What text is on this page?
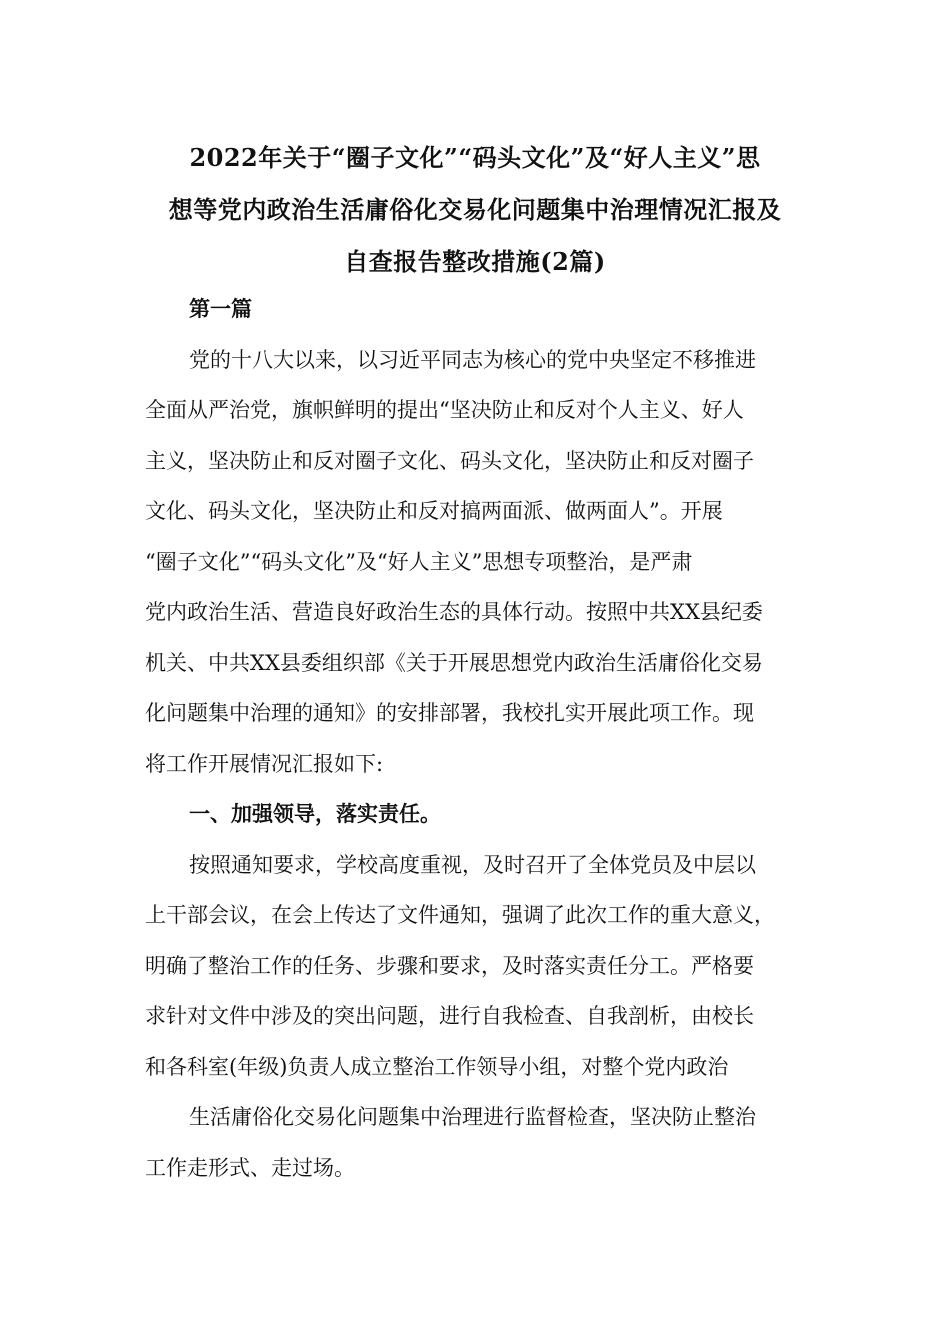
2022年关于“圈子文化”“码头文化”及“好人主义”思
想等党内政治生活庸俗化交易化问题集中治理情况汇报及
自查报告整改措施(2篇)
第一篇
党的十八大以来，以习近平同志为核心的党中央坚定不移推进
全面从严治党，旗帜鲜明的提出“坚决防止和反对个人主义、好人
主义，坚决防止和反对圈子文化、码头文化，坚决防止和反对圈子
文化、码头文化，坚决防止和反对搞两面派、做两面人”。开展
“圈子文化”“码头文化”及“好人主义”思想专项整治，是严肃
党内政治生活、营造良好政治生态的具体行动。按照中共XX县纪委
机关、中共XX县委组织部《关于开展思想党内政治生活庸俗化交易
化问题集中治理的通知》的安排部署，我校扎实开展此项工作。现
将工作开展情况汇报如下:
一、加强领导，落实责任。
按照通知要求，学校高度重视，及时召开了全体党员及中层以
上干部会议，在会上传达了文件通知，强调了此次工作的重大意义，
明确了整治工作的任务、步骤和要求，及时落实责任分工。严格要
求针对文件中涉及的突出问题，进行自我检查、自我剖析，由校长
和各科室(年级)负责人成立整治工作领导小组，对整个党内政治
生活庸俗化交易化问题集中治理进行监督检查，坚决防止整治
工作走形式、走过场。
